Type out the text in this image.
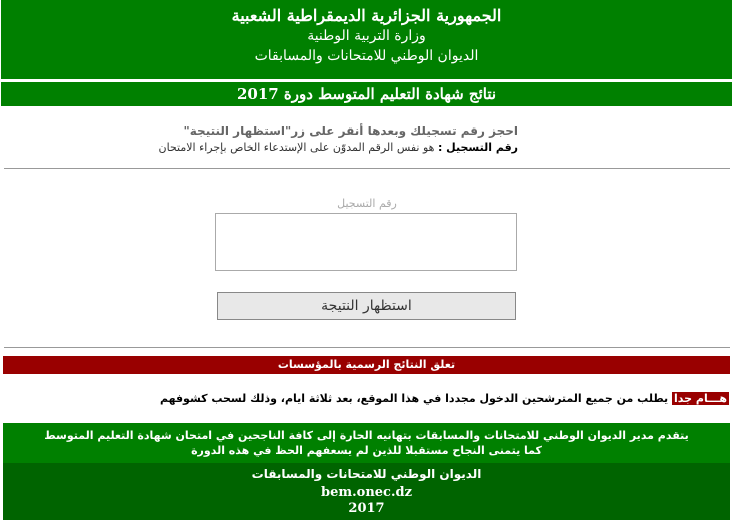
الجمهورية الجزائرية الديمقراطية الشعبية
وزارة التربية الوطنية
الديوان الوطني للامتحانات والمسابقات
نتائج شهادة التعليم المتوسط دورة 2017
احجز رقم تسجيلك وبعدها أنقر على زر"استظهار النتيجة"
رقم التسجيل : هو نفس الرقم المدوّن على الإستدعاء الخاص بإجراء الامتحان
رقم التسجيل
استظهار النتيجة
تعلق النتائج الرسمية بالمؤسسات
هـــام جدا يطلب من جميع المترشحين الدخول مجددا في هذا الموقع، بعد ثلاثة ايام، وذلك لسحب كشوفهم
يتقدم مدير الديوان الوطني للامتحانات والمسابقات بتهانيه الحارة إلى كافة الناجحين في امتحان شهادة التعليم المتوسط
كما يتمنى النجاح مستقبلا للذين لم يسعفهم الحظ في هذه الدورة
الديوان الوطني للامتحانات والمسابقات
bem.onec.dz
2017
